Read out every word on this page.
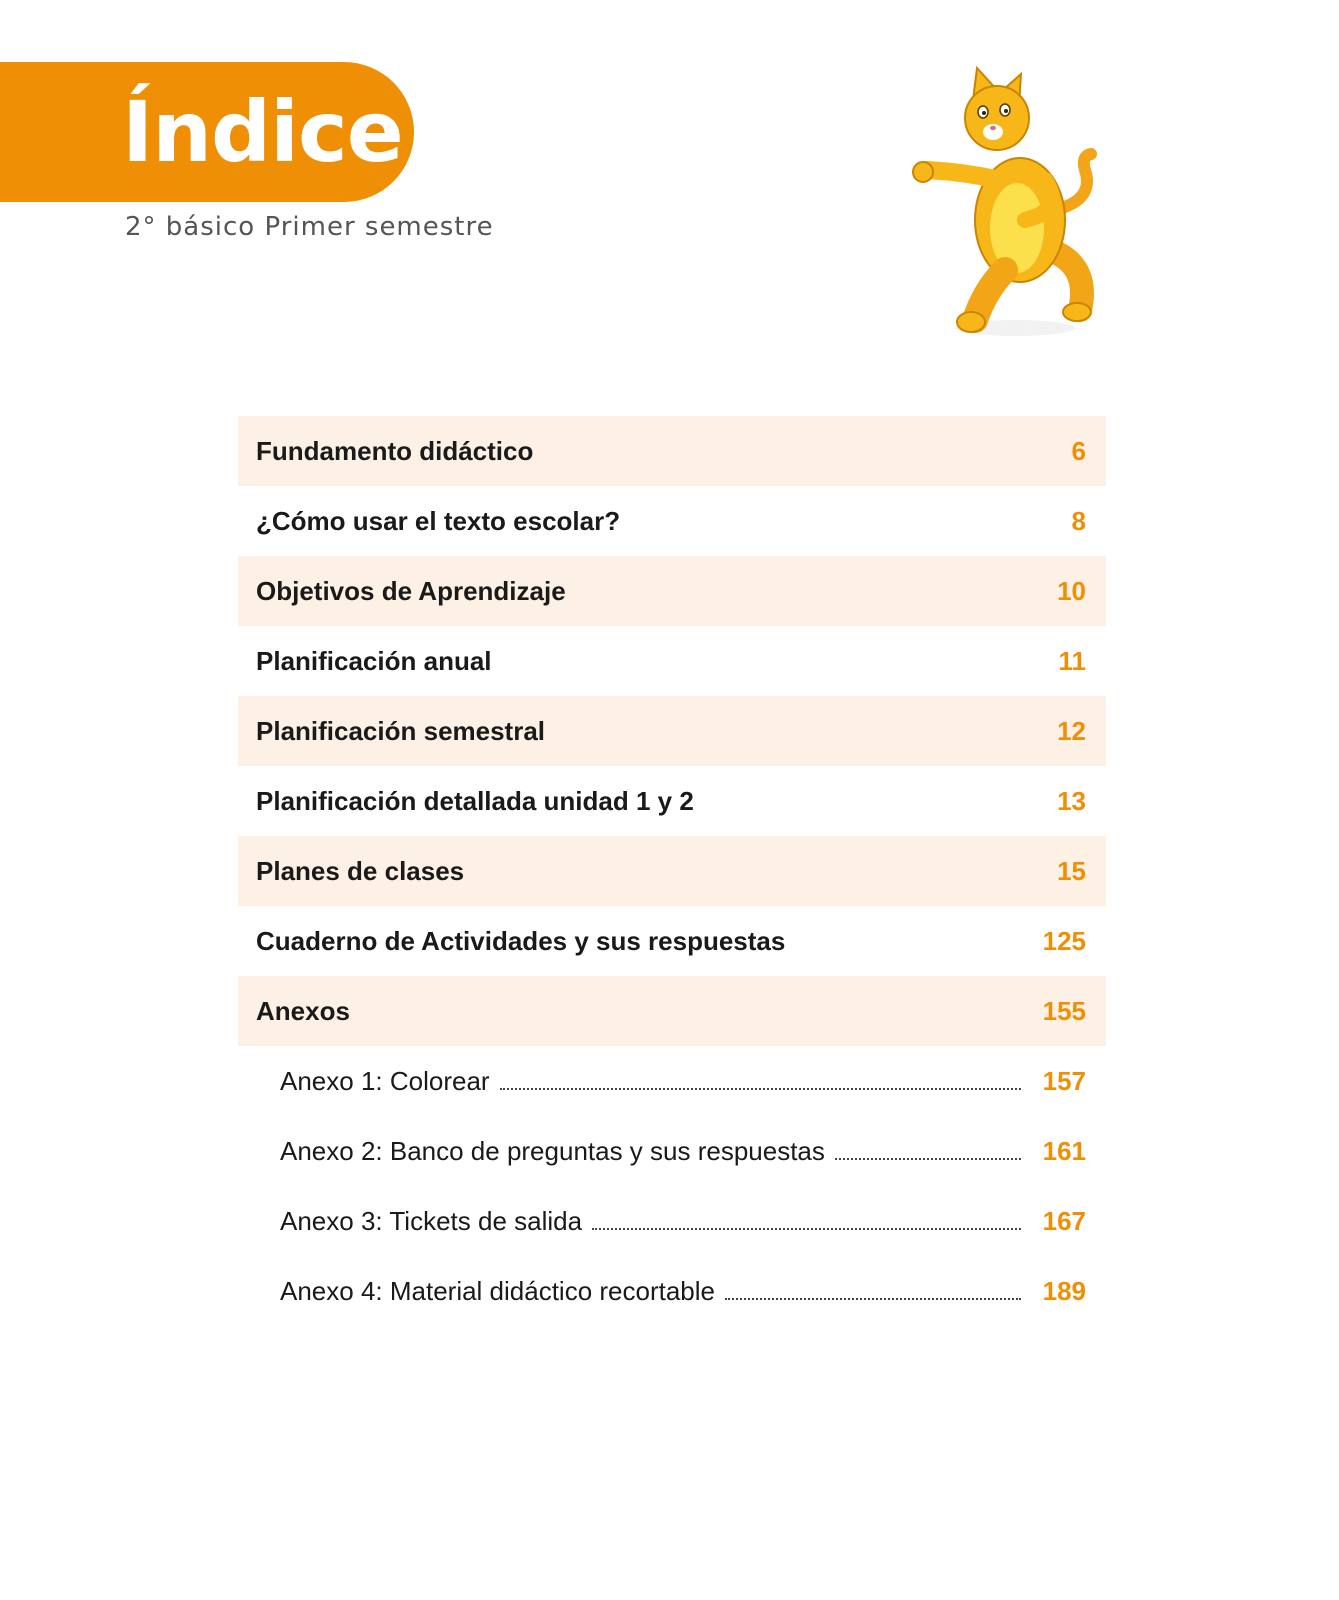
Índice
2° básico Primer semestre
Fundamento didáctico	6
¿Cómo usar el texto escolar?	8
Objetivos de Aprendizaje	10
Planificación anual	11
Planificación semestral	12
Planificación detallada unidad 1 y 2	13
Planes de clases	15
Cuaderno de Actividades y sus respuestas	125
Anexos	155
Anexo 1: Colorear	157
Anexo 2: Banco de preguntas y sus respuestas	161
Anexo 3: Tickets de salida	167
Anexo 4: Material didáctico recortable	189
